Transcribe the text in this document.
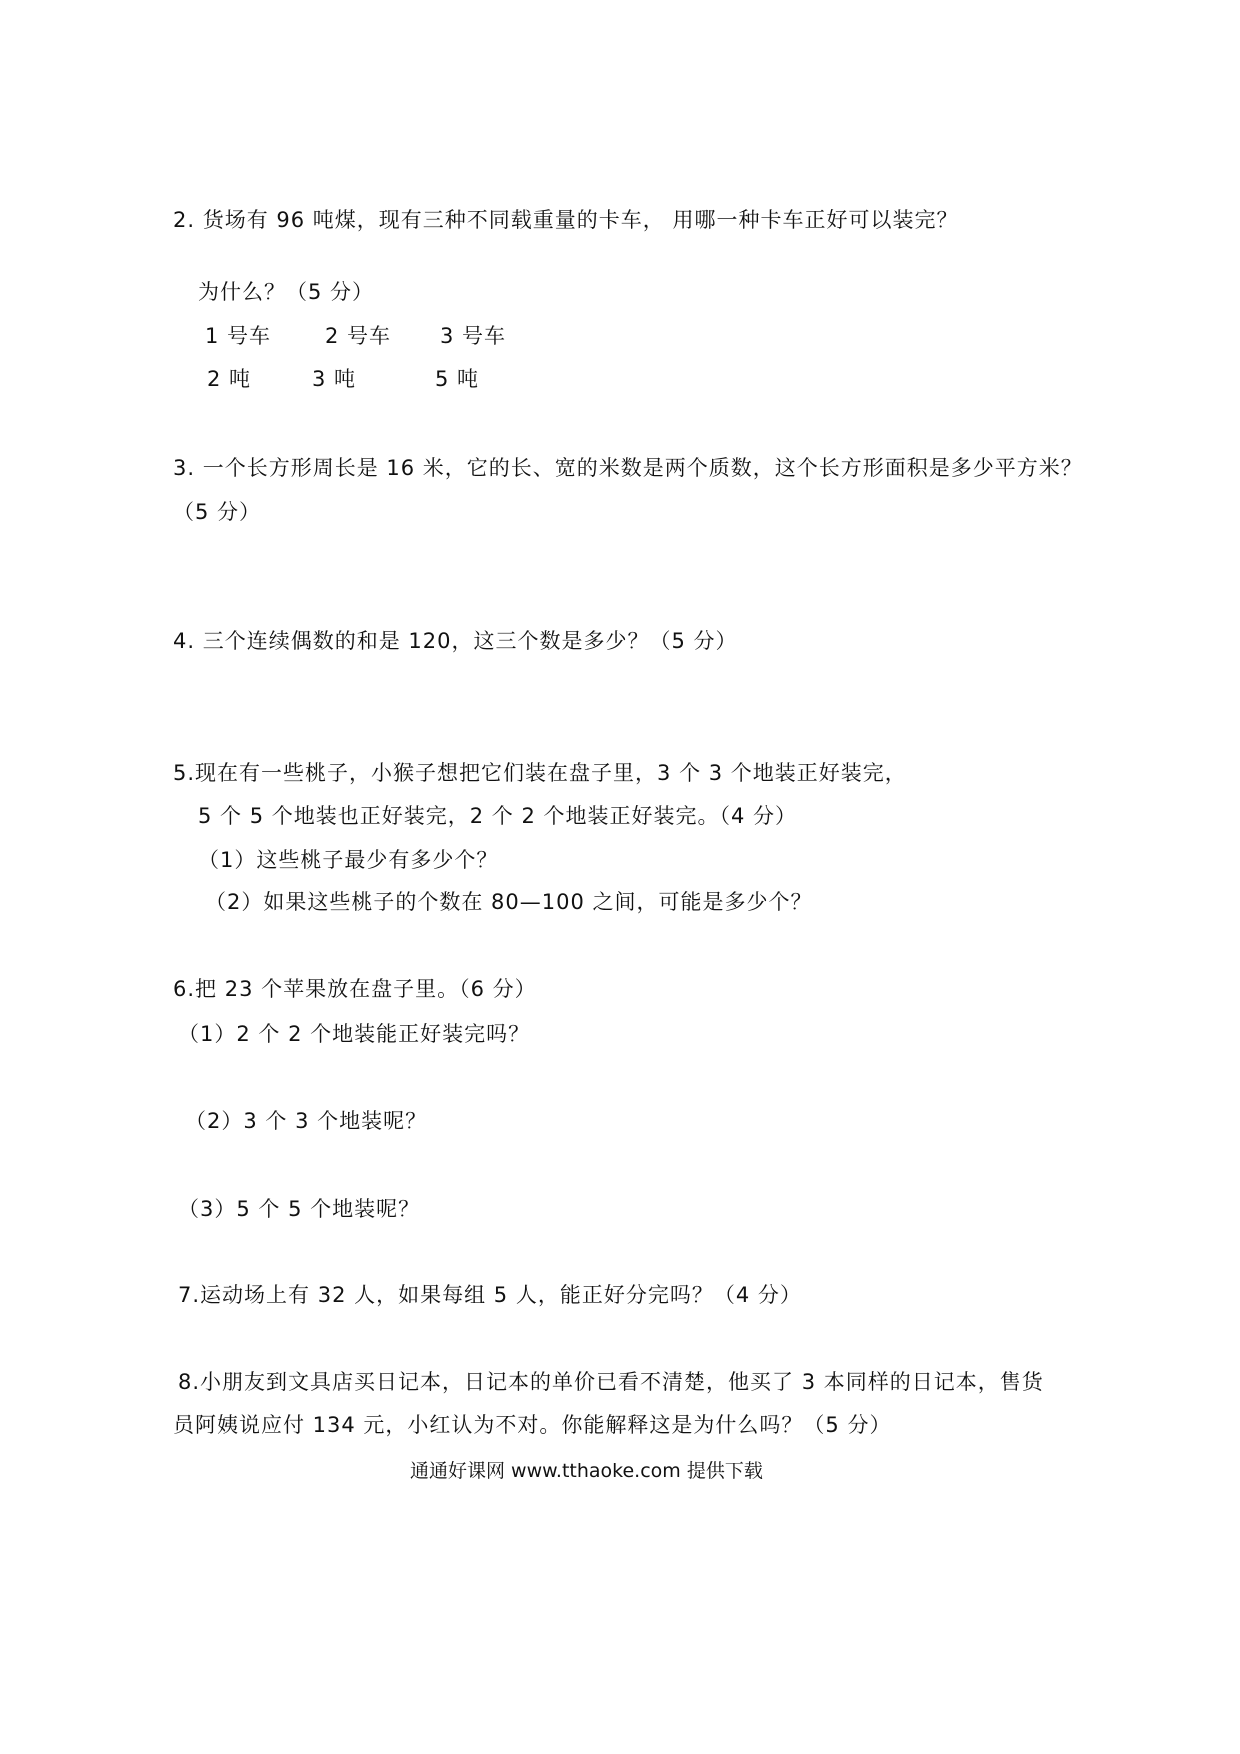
2. 货场有 96 吨煤，现有三种不同载重量的卡车， 用哪一种卡车正好可以装完？
为什么？（5 分）
1 号车	2 号车 3 号车
2 吨	3 吨	5 吨
3. 一个长方形周长是 16 米，它的长、宽的米数是两个质数，这个长方形面积是多少平方米？
（5 分）
4. 三个连续偶数的和是 120，这三个数是多少？（5 分）
5.现在有一些桃子，小猴子想把它们装在盘子里，3 个 3 个地装正好装完，
5 个 5 个地装也正好装完，2 个 2 个地装正好装完。（4 分）
（1）这些桃子最少有多少个？
（2）如果这些桃子的个数在 80—100 之间，可能是多少个？
6.把 23 个苹果放在盘子里。（6 分）
（1）2 个 2 个地装能正好装完吗？
（2）3 个 3 个地装呢？
（3）5 个 5 个地装呢？
7.运动场上有 32 人，如果每组 5 人，能正好分完吗？（4 分）
8.小朋友到文具店买日记本，日记本的单价已看不清楚，他买了 3 本同样的日记本，售货
员阿姨说应付 134 元，小红认为不对。你能解释这是为什么吗？（5 分）
通通好课网 www.tthaoke.com 提供下载
